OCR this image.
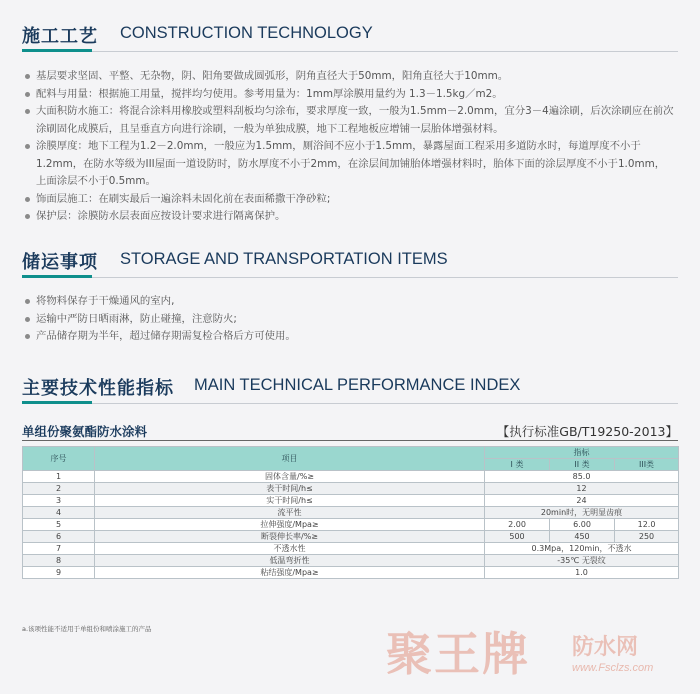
施工工艺 CONSTRUCTION TECHNOLOGY
基层要求坚固、平整、无杂物，阴、阳角要做成圆弧形，阴角直径大于50mm，阳角直径大于10mm。
配料与用量：根据施工用量，搅拌均匀使用。参考用量为：1mm厚涂膜用量约为 1.3－1.5kg／m2。
大面积防水施工：将混合涂料用橡胶或塑料刮板均匀涂布，要求厚度一致，一般为1.5mm－2.0mm，宜分3－4遍涂刷，后次涂刷应在前次涂刷固化成膜后，且呈垂直方向进行涂刷，一般为单独成膜，地下工程地板应增铺一层胎体增强材料。
涂膜厚度：地下工程为1.2－2.0mm，一般应为1.5mm，厕浴间不应小于1.5mm，暴露屋面工程采用多道防水时，每道厚度不小于1.2mm，在防水等级为III屋面一道设防时，防水厚度不小于2mm，在涂层间加铺胎体增强材料时，胎体下面的涂层厚度不小于1.0mm，上面涂层不小于0.5mm。
饰面层施工：在刷实最后一遍涂料未固化前在表面稀撒干净砂粒;
保护层：涂膜防水层表面应按设计要求进行隔离保护。
储运事项 STORAGE AND TRANSPORTATION ITEMS
将物料保存于干燥通风的室内,
运输中严防日晒雨淋，防止碰撞，注意防火;
产品储存期为半年，超过储存期需复检合格后方可使用。
主要技术性能指标 MAIN TECHNICAL PERFORMANCE INDEX
单组份聚氨酯防水涂料	【执行标准GB/T19250-2013】
序号	项目	指标		
		I 类	II 类	III类
1	固体含量/%≥	85.0		
2	表干时间/h≤	12		
3	实干时间/h≤	24		
4	流平性	20min时，无明显齿痕		
5	拉伸强度/Mpa≥	2.00	6.00	12.0
6	断裂伸长率/%≥	500	450	250
7	不透水性	0.3Mpa，120min，不透水		
8	低温弯折性	-35℃ 无裂纹		
9	粘结强度/Mpa≥	1.0		
a.该项性能不适用于单组份和喷涂施工的产品	聚王牌 防水网
www.Fsclzs.com
